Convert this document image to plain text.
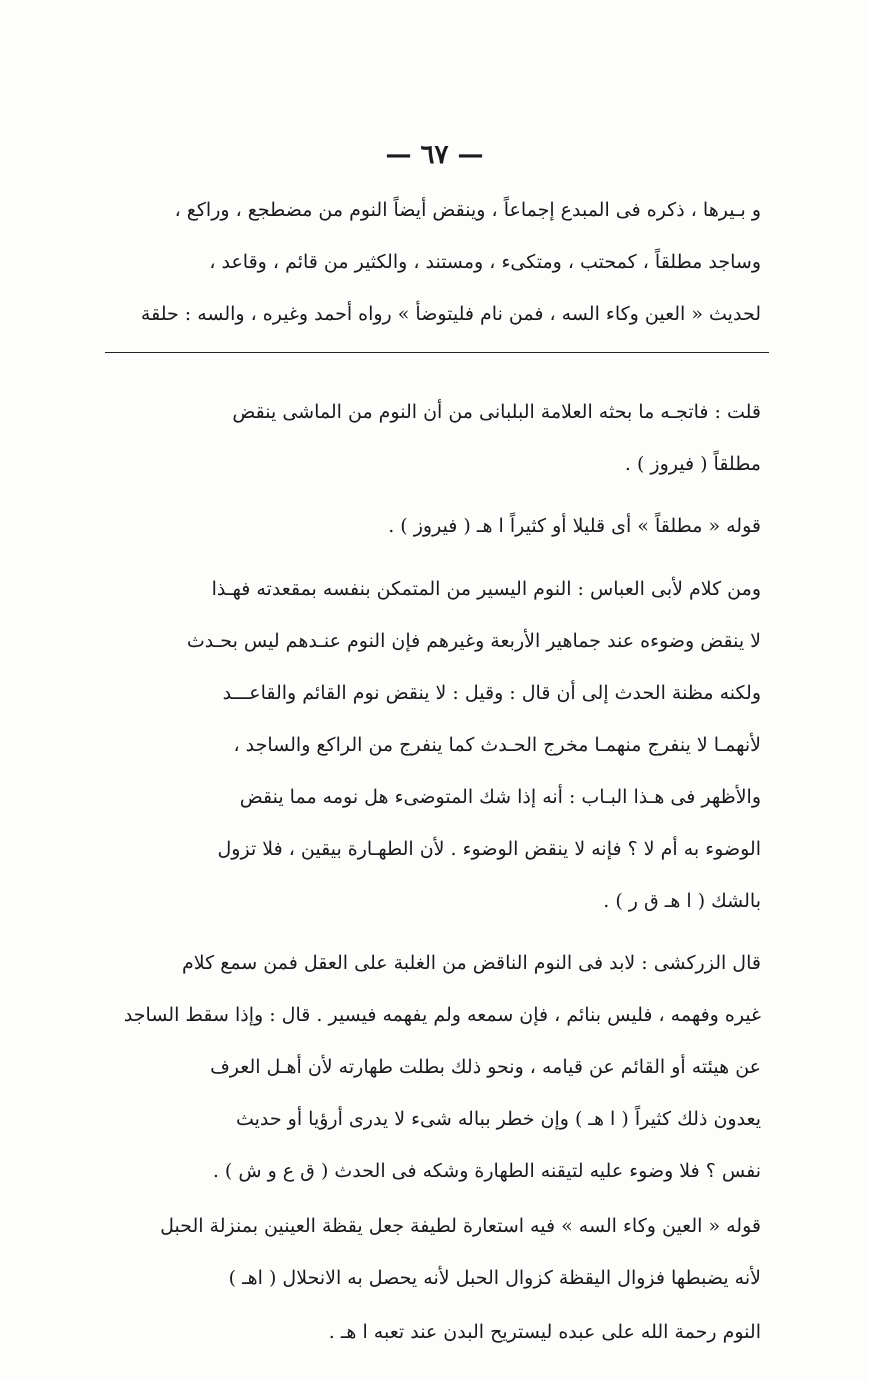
— ٦٧ —
و بـيرها ، ذكره فى المبدع إجماعاً ، وينقض أيضاً النوم من مضطجع ، وراكع ،
وساجد مطلقاً ، كمحتب ، ومتكىء ، ومستند ، والكثير من قائم ، وقاعد ،
لحديث « العين وكاء السه ، فمن نام فليتوضأ » رواه أحمد وغيره ، والسه : حلقة
قلت : فاتجـه ما بحثه العلامة البلبانى من أن النوم من الماشى ينقض
مطلقاً ( فيروز ) .
قوله « مطلقاً » أى قليلا أو كثيراً ا هـ ( فيروز ) .
ومن كلام لأبى العباس : النوم اليسير من المتمكن بنفسه بمقعدته فهـذا
لا ينقض وضوءه عند جماهير الأربعة وغيرهم فإن النوم عنـدهم ليس بحـدث
ولكنه مظنة الحدث إلى أن قال : وقيل : لا ينقض نوم القائم والقاعـــد
لأنهمـا لا ينفرج منهمـا مخرج الحـدث كما ينفرج من الراكع والساجد ،
والأظهر فى هـذا البـاب : أنه إذا شك المتوضىء هل نومه مما ينقض
الوضوء به أم لا ؟ فإنه لا ينقض الوضوء . لأن الطهـارة بيقين ، فلا تزول
بالشك ( ا هـ ق ر ) .
قال الزركشى : لابد فى النوم الناقض من الغلبة على العقل فمن سمع كلام
غيره وفهمه ، فليس بنائم ، فإن سمعه ولم يفهمه فيسير . قال : وإذا سقط الساجد
عن هيئته أو القائم عن قيامه ، ونحو ذلك بطلت طهارته لأن أهـل العرف
يعدون ذلك كثيراً ( ا هـ ) وإن خطر بباله شىء لا يدرى أرؤيا أو حديث
نفس ؟ فلا وضوء عليه لتيقنه الطهارة وشكه فى الحدث ( ق ع و ش ) .
قوله « العين وكاء السه » فيه استعارة لطيفة جعل يقظة العينين بمنزلة الحبل
لأنه يضبطها فزوال اليقظة كزوال الحبل لأنه يحصل به الانحلال ( اهـ )
النوم رحمة الله على عبده ليستريح البدن عند تعبه ا هـ .
